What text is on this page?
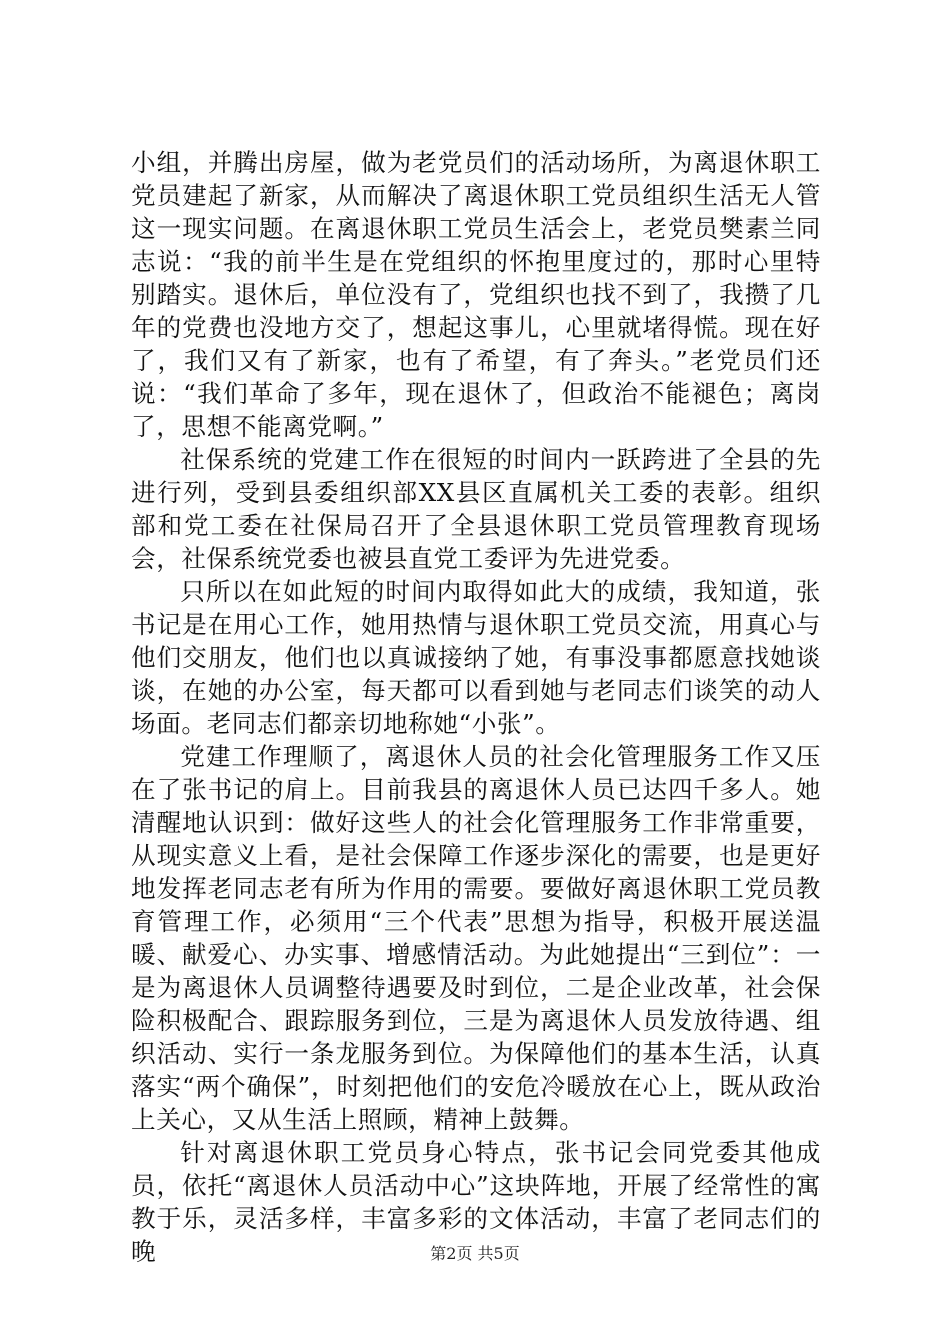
小组，并腾出房屋，做为老党员们的活动场所，为离退休职工党员建起了新家，从而解决了离退休职工党员组织生活无人管这一现实问题。在离退休职工党员生活会上，老党员樊素兰同志说：“我的前半生是在党组织的怀抱里度过的，那时心里特别踏实。退休后，单位没有了，党组织也找不到了，我攒了几年的党费也没地方交了，想起这事儿，心里就堵得慌。现在好了，我们又有了新家，也有了希望，有了奔头。”老党员们还说：“我们革命了多年，现在退休了，但政治不能褪色；离岗了，思想不能离党啊。”

社保系统的党建工作在很短的时间内一跃跨进了全县的先进行列，受到县委组织部XX县区直属机关工委的表彰。组织部和党工委在社保局召开了全县退休职工党员管理教育现场会，社保系统党委也被县直党工委评为先进党委。

只所以在如此短的时间内取得如此大的成绩，我知道，张书记是在用心工作，她用热情与退休职工党员交流，用真心与他们交朋友，他们也以真诚接纳了她，有事没事都愿意找她谈谈，在她的办公室，每天都可以看到她与老同志们谈笑的动人场面。老同志们都亲切地称她“小张”。

党建工作理顺了，离退休人员的社会化管理服务工作又压在了张书记的肩上。目前我县的离退休人员已达四千多人。她清醒地认识到：做好这些人的社会化管理服务工作非常重要，从现实意义上看，是社会保障工作逐步深化的需要，也是更好地发挥老同志老有所为作用的需要。要做好离退休职工党员教育管理工作，必须用“三个代表”思想为指导，积极开展送温暖、献爱心、办实事、增感情活动。为此她提出“三到位”：一是为离退休人员调整待遇要及时到位，二是企业改革，社会保险积极配合、跟踪服务到位，三是为离退休人员发放待遇、组织活动、实行一条龙服务到位。为保障他们的基本生活，认真落实“两个确保”，时刻把他们的安危冷暖放在心上，既从政治上关心，又从生活上照顾，精神上鼓舞。

针对离退休职工党员身心特点，张书记会同党委其他成员，依托“离退休人员活动中心”这块阵地，开展了经常性的寓教于乐，灵活多样，丰富多彩的文体活动，丰富了老同志们的晚	第2页 共5页
